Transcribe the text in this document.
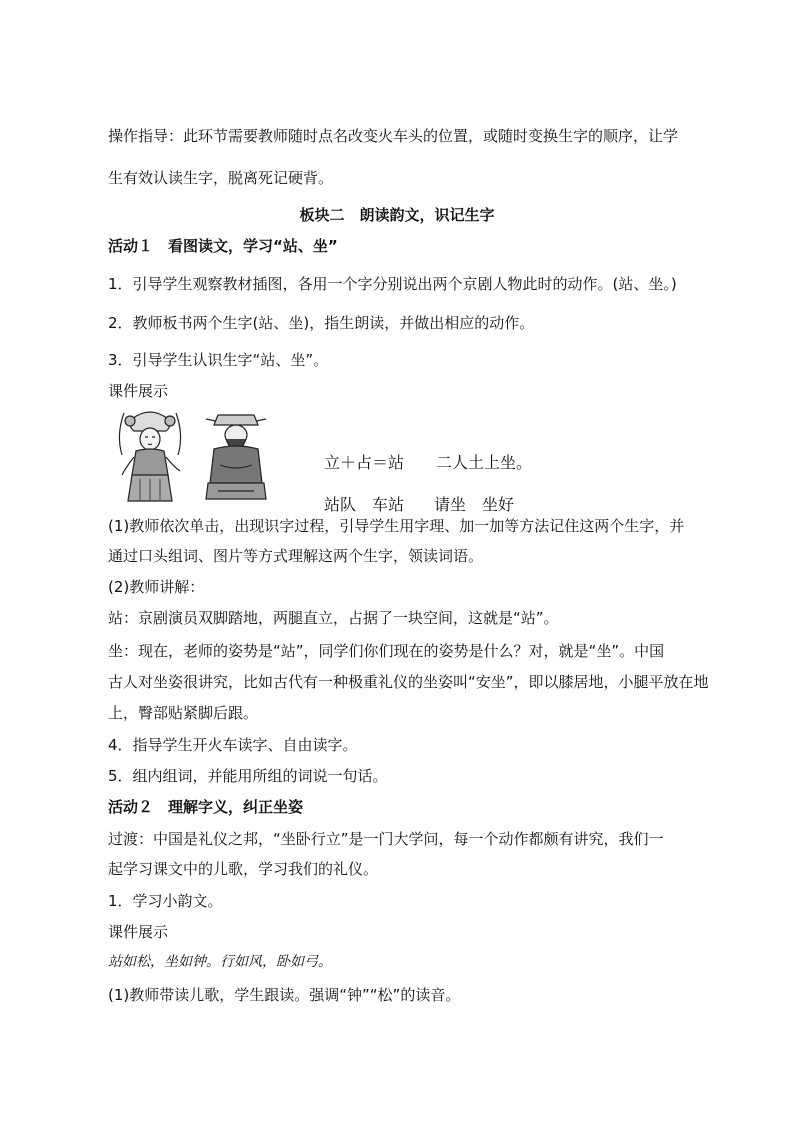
操作指导：此环节需要教师随时点名改变火车头的位置，或随时变换生字的顺序，让学
生有效认读生字，脱离死记硬背。
板块二　朗读韵文，识记生字
活动１　看图读文，学习“站、坐”
1．引导学生观察教材插图，各用一个字分别说出两个京剧人物此时的动作。(站、坐。)
2．教师板书两个生字(站、坐)，指生朗读，并做出相应的动作。
3．引导学生认识生字“站、坐”。
课件展示
立＋占＝站 二人土上坐。
站队　车站 请坐　坐好
(1)教师依次单击，出现识字过程，引导学生用字理、加一加等方法记住这两个生字，并
通过口头组词、图片等方式理解这两个生字，领读词语。
(2)教师讲解：
站：京剧演员双脚踏地，两腿直立，占据了一块空间，这就是“站”。
坐：现在，老师的姿势是“站”，同学们你们现在的姿势是什么？对，就是“坐”。中国
古人对坐姿很讲究，比如古代有一种极重礼仪的坐姿叫“安坐”，即以膝居地，小腿平放在地
上，臀部贴紧脚后跟。
4．指导学生开火车读字、自由读字。
5．组内组词，并能用所组的词说一句话。
活动２　理解字义，纠正坐姿
过渡：中国是礼仪之邦，“坐卧行立”是一门大学问，每一个动作都颇有讲究，我们一
起学习课文中的儿歌，学习我们的礼仪。
1．学习小韵文。
课件展示
站如松，坐如钟。行如风，卧如弓。
(1)教师带读儿歌，学生跟读。强调“钟”“松”的读音。
